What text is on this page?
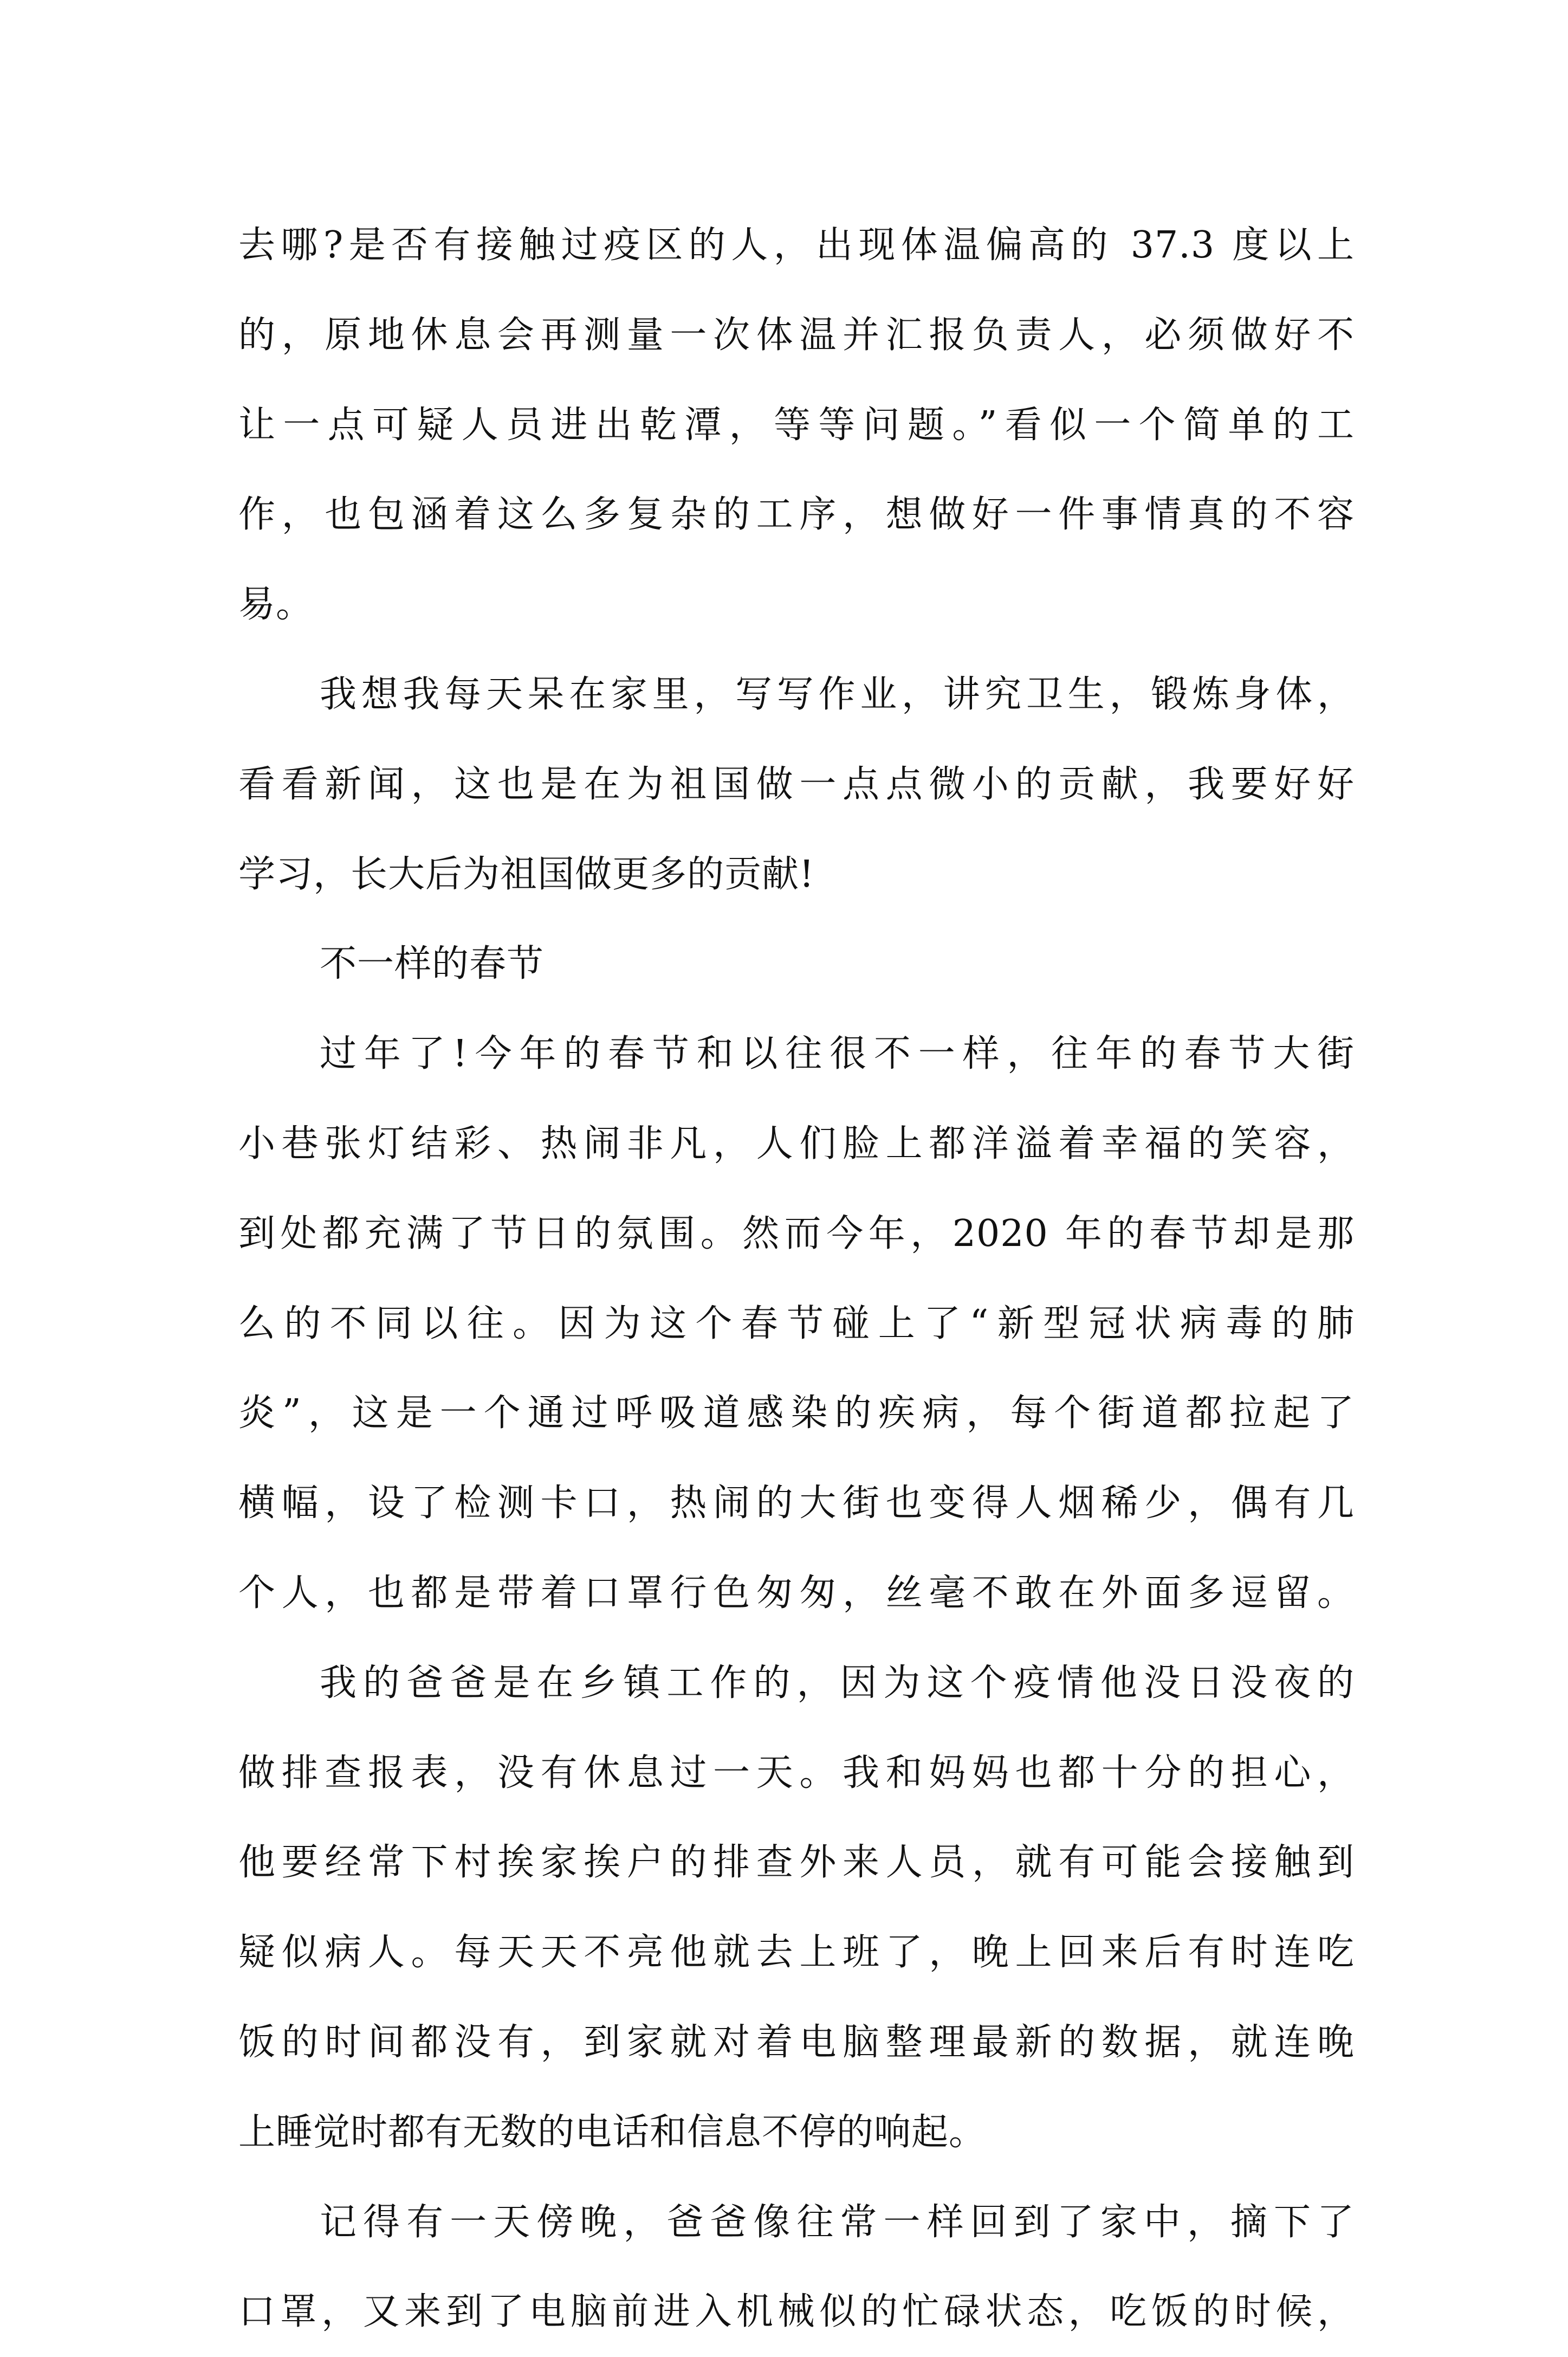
去哪?是否有接触过疫区的人，出现体温偏高的 37.3 度以上
的，原地休息会再测量一次体温并汇报负责人，必须做好不
让一点可疑人员进出乾潭，等等问题。”看似一个简单的工
作，也包涵着这么多复杂的工序，想做好一件事情真的不容
易。
我想我每天呆在家里，写写作业，讲究卫生，锻炼身体，
看看新闻，这也是在为祖国做一点点微小的贡献，我要好好
学习，长大后为祖国做更多的贡献!
不一样的春节
过年了!今年的春节和以往很不一样，往年的春节大街
小巷张灯结彩、热闹非凡，人们脸上都洋溢着幸福的笑容，
到处都充满了节日的氛围。然而今年，2020 年的春节却是那
么的不同以往。因为这个春节碰上了“新型冠状病毒的肺
炎”，这是一个通过呼吸道感染的疾病，每个街道都拉起了
横幅，设了检测卡口，热闹的大街也变得人烟稀少，偶有几
个人，也都是带着口罩行色匆匆，丝毫不敢在外面多逗留。
我的爸爸是在乡镇工作的，因为这个疫情他没日没夜的
做排查报表，没有休息过一天。我和妈妈也都十分的担心，
他要经常下村挨家挨户的排查外来人员，就有可能会接触到
疑似病人。每天天不亮他就去上班了，晚上回来后有时连吃
饭的时间都没有，到家就对着电脑整理最新的数据，就连晚
上睡觉时都有无数的电话和信息不停的响起。
记得有一天傍晚，爸爸像往常一样回到了家中，摘下了
口罩，又来到了电脑前进入机械似的忙碌状态，吃饭的时候，
